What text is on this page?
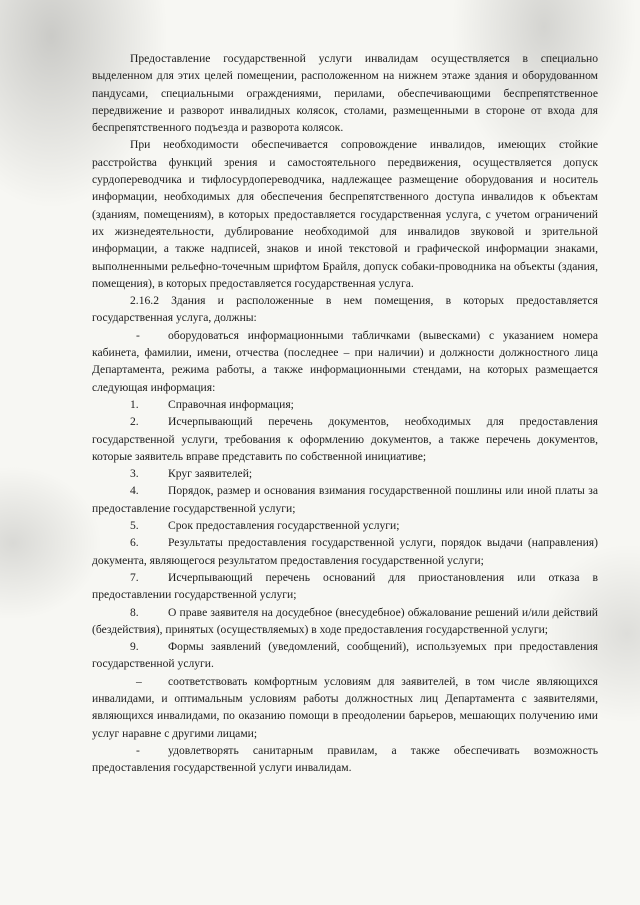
Предоставление государственной услуги инвалидам осуществляется в специально выделенном для этих целей помещении, расположенном на нижнем этаже здания и оборудованном пандусами, специальными ограждениями, перилами, обеспечивающими беспрепятственное передвижение и разворот инвалидных колясок, столами, размещенными в стороне от входа для беспрепятственного подъезда и разворота колясок.

При необходимости обеспечивается сопровождение инвалидов, имеющих стойкие расстройства функций зрения и самостоятельного передвижения, осуществляется допуск сурдопереводчика и тифлосурдопереводчика, надлежащее размещение оборудования и носитель информации, необходимых для обеспечения беспрепятственного доступа инвалидов к объектам (зданиям, помещениям), в которых предоставляется государственная услуга, с учетом ограничений их жизнедеятельности, дублирование необходимой для инвалидов звуковой и зрительной информации, а также надписей, знаков и иной текстовой и графической информации знаками, выполненными рельефно-точечным шрифтом Брайля, допуск собаки-проводника на объекты (здания, помещения), в которых предоставляется государственная услуга.

2.16.2 Здания и расположенные в нем помещения, в которых предоставляется государственная услуга, должны:

- оборудоваться информационными табличками (вывесками) с указанием номера кабинета, фамилии, имени, отчества (последнее – при наличии) и должности должностного лица Департамента, режима работы, а также информационными стендами, на которых размещается следующая информация:

1.	Справочная информация;

2.	Исчерпывающий перечень документов, необходимых для предоставления государственной услуги, требования к оформлению документов, а также перечень документов, которые заявитель вправе представить по собственной инициативе;

3.	Круг заявителей;

4.	Порядок, размер и основания взимания государственной пошлины или иной платы за предоставление государственной услуги;

5.	Срок предоставления государственной услуги;

6.	Результаты предоставления государственной услуги, порядок выдачи (направления) документа, являющегося результатом предоставления государственной услуги;

7.	Исчерпывающий перечень оснований для приостановления или отказа в предоставлении государственной услуги;

8.	О праве заявителя на досудебное (внесудебное) обжалование решений и/или действий (бездействия), принятых (осуществляемых) в ходе предоставления государственной услуги;

9.	Формы заявлений (уведомлений, сообщений), используемых при предоставления государственной услуги.

– соответствовать комфортным условиям для заявителей, в том числе являющихся инвалидами, и оптимальным условиям работы должностных лиц Департамента с заявителями, являющихся инвалидами, по оказанию помощи в преодолении барьеров, мешающих получению ими услуг наравне с другими лицами;

- удовлетворять санитарным правилам, а также обеспечивать возможность предоставления государственной услуги инвалидам.
